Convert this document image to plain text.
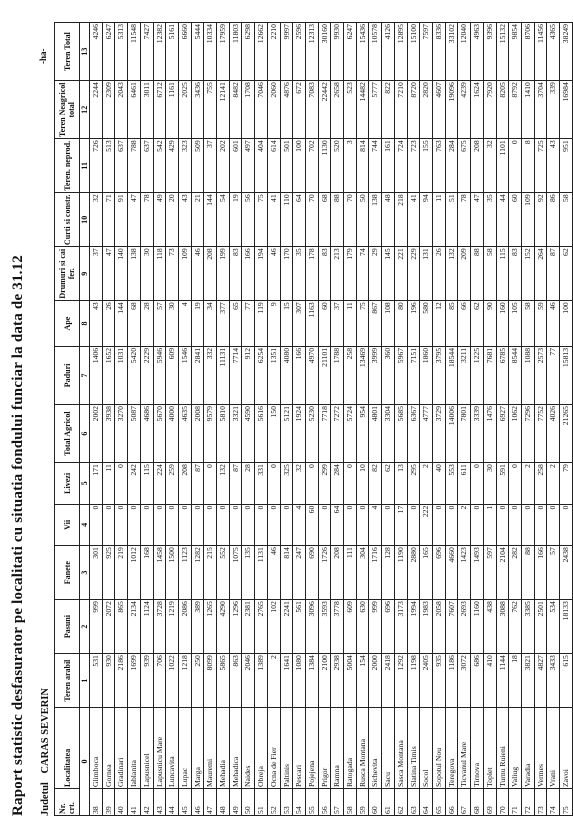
Raport statistic desfasurator pe localitati cu situatia fondului funciar la data de 31.12 Judetul CARAS SEVERIN
-ha-
Nr. crt.	Localitatea	Teren arabil	Pasuni	Fanete	Vii	Livezi	Total Agricol	Paduri	Ape	Drumuri si cai fer.	Curti si constr.	Teren. neprod.	Teren Neagricol total	Teren Total
0		1	2	3	4	5	6	7	8	9	10	11	12	13
38	Glimboca	531	999	301	0	171	2002	1406	43	37	32	726	2244	4246
39	Gornea	930	2072	925	0	11	3938	1652	26	47	71	513	2309	6247
40	Gradinari	2186	865	219	0	0	3270	1031	144	140	91	637	2043	5313
41	Iablanita	1699	2134	1012	0	242	5087	5420	68	138	47	788	6461	11548
42	Lapusnicel	939	1124	168	0	115	4686	2229	28	30	78	637	3011	7427
43	Lapusnicu Mare	706	3728	1458	0	224	5670	5946	57	118	49	542	6712	12382
44	Luncavita	1022	1219	1500	0	259	4000	609	30	73	20	429	1161	5161
45	Lupac	1218	2086	1123	0	208	4635	1546	4	109	43	323	2025	6660
46	Marga	250	389	1282	0	87	2008	2841	19	46	21	509	3436	5444
47	Mauremi	8099	1265	215	0	0	9579	332	34	208	144	37	755	10334
48	Mehadia	5865	4290	552	0	132	5810	11131	377	199	54	202	12141	17959
49	Mehadica	863	1296	1075	0	87	3321	7714	65	83	19	601	8482	11803
50	Naides	2046	2381	135	0	28	4590	912	77	166	56	497	1708	6298
51	Obreja	1389	2765	1131	0	331	5616	6254	119	194	75	404	7046	12662
52	Ocna de Fier	2	102	46	0	0	150	1351	9	46	41	614	2060	2210
53	Paltinis	1641	2241	814	0	325	5121	4080	15	170	110	501	4876	9997
54	Pescari	1080	561	247	4	32	1924	166	307	35	64	100	672	2596
55	Pojejena	1384	3096	690	60	0	5230	4970	1163	178	70	702	7083	12313
56	Prigor	2100	3593	1726	0	299	7718	21101	60	83	68	1130	22442	30160
57	Ramna	2938	3778	208	64	284	7272	1788	37	213	88	520	2658	9930
58	Ratogada	5004	609	111	0	0	5724	258	11	179	70	3	523	6247
59	Rusca Montana	154	630	304	0	10	954	13469	75	74	50	814	14482	15436
60	Sichevita	2000	999	1716	4	82	4801	3999	867	29	138	744	5777	10578
61	Sacu	2418	696	128	0	62	3304	360	108	145	48	161	822	4126
62	Sasca Montana	1292	3173	1190	17	13	5685	5967	80	221	218	724	7210	12895
63	Slatina Timis	1198	1994	2880	0	295	6367	7151	196	229	41	723	8720	15100
64	Socol	2405	1983	165	222	2	4777	1860	580	131	94	155	2820	7597
65	Sopotul Nou	935	2058	696	0	40	3729	3795	12	26	11	763	4607	8336
66	Teregova	1186	7607	4660	0	553	14006	18544	85	132	51	284	19096	33102
67	Ticvanul Mare	3072	2693	1423	2	611	7801	3211	66	209	78	675	4239	12040
68	Tirnova	686	1160	1493	0	0	3339	1225	62	88	47	208	1624	4963
69	Toplet	410	438	597	1	30	1476	7681	90	58	35	32	7920	9396
70	Turnu Ruieni	1144	3088	2104	0	591	6927	6785	160	115	44	1101	8205	15132
71	Valiug	18	762	282	0	0	1062	8544	105	83	60	0	8792	9854
72	Varadia	3821	3385	88	0	2	7296	1088	58	152	109	8	1410	8706
73	Vermes	4827	2501	166	0	258	7752	2573	59	264	92	725	3704	11456
74	Vrani	3433	534	57	0	2	4026	77	46	87	86	43	339	4365
75	Zavoi	615	18133	2438	0	79	21265	15813	100	62	58	951	16984	38249
